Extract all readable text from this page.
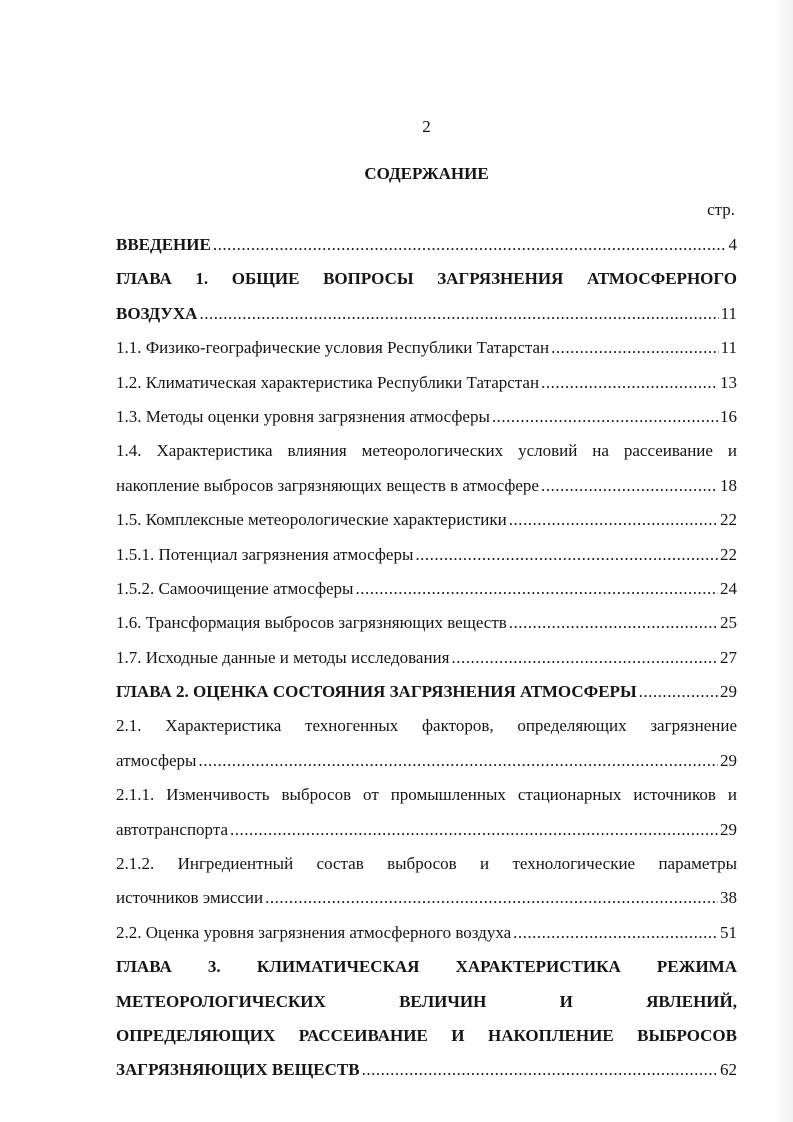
2
СОДЕРЖАНИЕ
стр.
ВВЕДЕНИЕ .....	4
ГЛАВА 1. ОБЩИЕ ВОПРОСЫ ЗАГРЯЗНЕНИЯ АТМОСФЕРНОГО
ВОЗДУХА .....	11
1.1. Физико-географические условия Республики Татарстан .....	11
1.2. Климатическая характеристика Республики Татарстан .....	13
1.3. Методы оценки уровня загрязнения атмосферы .....	16
1.4. Характеристика влияния метеорологических условий на рассеивание и
накопление выбросов загрязняющих веществ в атмосфере .....	18
1.5. Комплексные метеорологические характеристики .....	22
1.5.1. Потенциал загрязнения атмосферы .....	22
1.5.2. Самоочищение атмосферы .....	24
1.6. Трансформация выбросов загрязняющих веществ .....	25
1.7. Исходные данные и методы исследования .....	27
ГЛАВА 2. ОЦЕНКА СОСТОЯНИЯ ЗАГРЯЗНЕНИЯ АТМОСФЕРЫ .....	29
2.1. Характеристика техногенных факторов, определяющих загрязнение
атмосферы .....	29
2.1.1. Изменчивость выбросов от промышленных стационарных источников и
автотранспорта .....	29
2.1.2. Ингредиентный состав выбросов и технологические параметры
источников эмиссии .....	38
2.2. Оценка уровня загрязнения атмосферного воздуха .....	51
ГЛАВА 3. КЛИМАТИЧЕСКАЯ ХАРАКТЕРИСТИКА РЕЖИМА
МЕТЕОРОЛОГИЧЕСКИХ ВЕЛИЧИН И ЯВЛЕНИЙ,
ОПРЕДЕЛЯЮЩИХ РАССЕИВАНИЕ И НАКОПЛЕНИЕ ВЫБРОСОВ
ЗАГРЯЗНЯЮЩИХ ВЕЩЕСТВ .....	62
